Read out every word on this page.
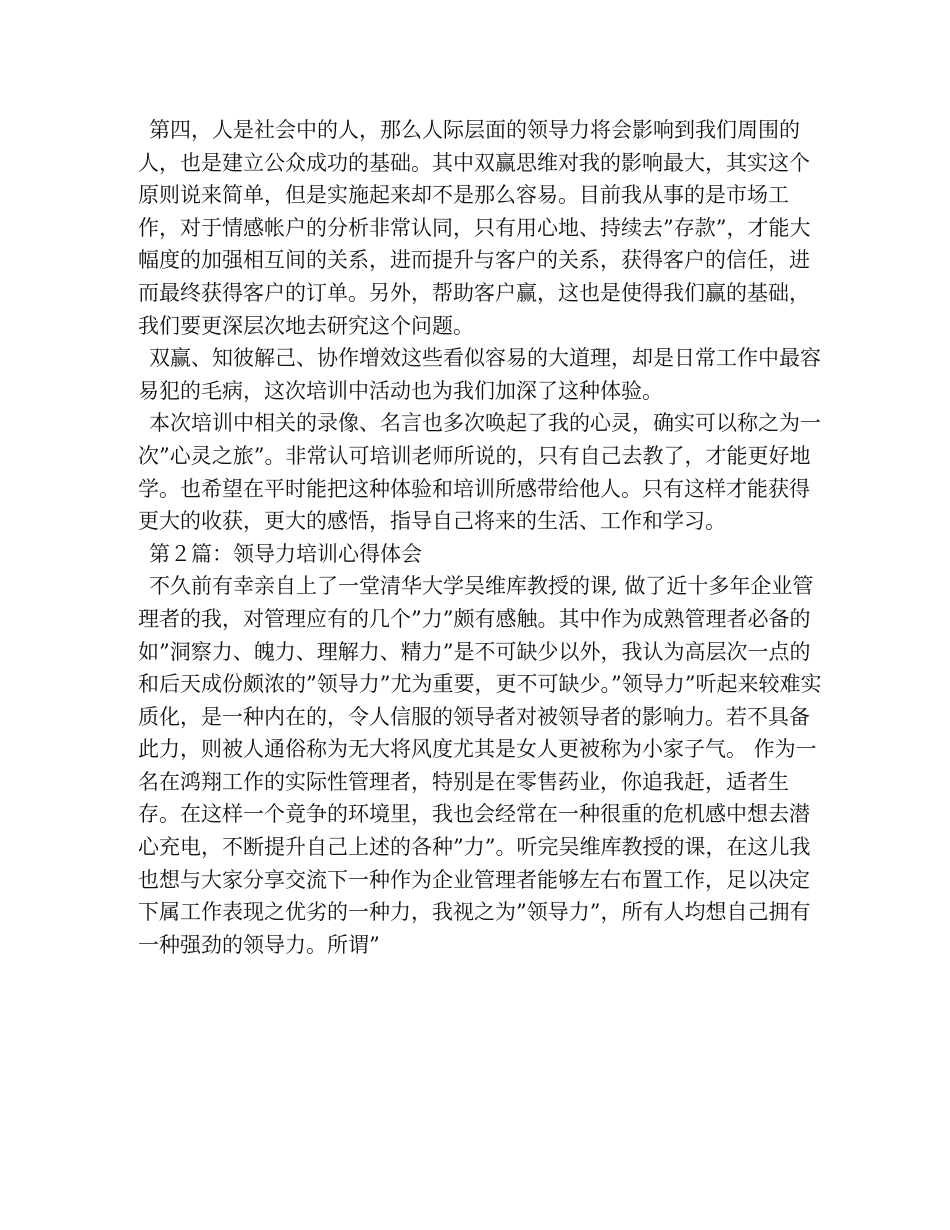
第四，人是社会中的人，那么人际层面的领导力将会影响到我们周围的人，也是建立公众成功的基础。其中双赢思维对我的影响最大，其实这个原则说来简单，但是实施起来却不是那么容易。目前我从事的是市场工作，对于情感帐户的分析非常认同，只有用心地、持续去”存款”，才能大幅度的加强相互间的关系，进而提升与客户的关系，获得客户的信任，进而最终获得客户的订单。另外，帮助客户赢，这也是使得我们赢的基础，我们要更深层次地去研究这个问题。

双赢、知彼解己、协作增效这些看似容易的大道理，却是日常工作中最容易犯的毛病，这次培训中活动也为我们加深了这种体验。

本次培训中相关的录像、名言也多次唤起了我的心灵，确实可以称之为一次”心灵之旅”。非常认可培训老师所说的，只有自己去教了，才能更好地学。也希望在平时能把这种体验和培训所感带给他人。只有这样才能获得更大的收获，更大的感悟，指导自己将来的生活、工作和学习。

第２篇：领导力培训心得体会

不久前有幸亲自上了一堂清华大学吴维库教授的课, 做了近十多年企业管理者的我，对管理应有的几个”力”颇有感触。其中作为成熟管理者必备的如”洞察力、魄力、理解力、精力”是不可缺少以外，我认为高层次一点的和后天成份颇浓的”领导力”尤为重要，更不可缺少。”领导力”听起来较难实质化，是一种内在的，令人信服的领导者对被领导者的影响力。若不具备此力，则被人通俗称为无大将风度尤其是女人更被称为小家子气。 作为一名在鸿翔工作的实际性管理者，特别是在零售药业，你追我赶，适者生存。在这样一个竟争的环境里，我也会经常在一种很重的危机感中想去潜心充电，不断提升自己上述的各种”力”。听完吴维库教授的课，在这儿我也想与大家分享交流下一种作为企业管理者能够左右布置工作，足以决定下属工作表现之优劣的一种力，我视之为”领导力”，所有人均想自己拥有一种强劲的领导力。所谓”
